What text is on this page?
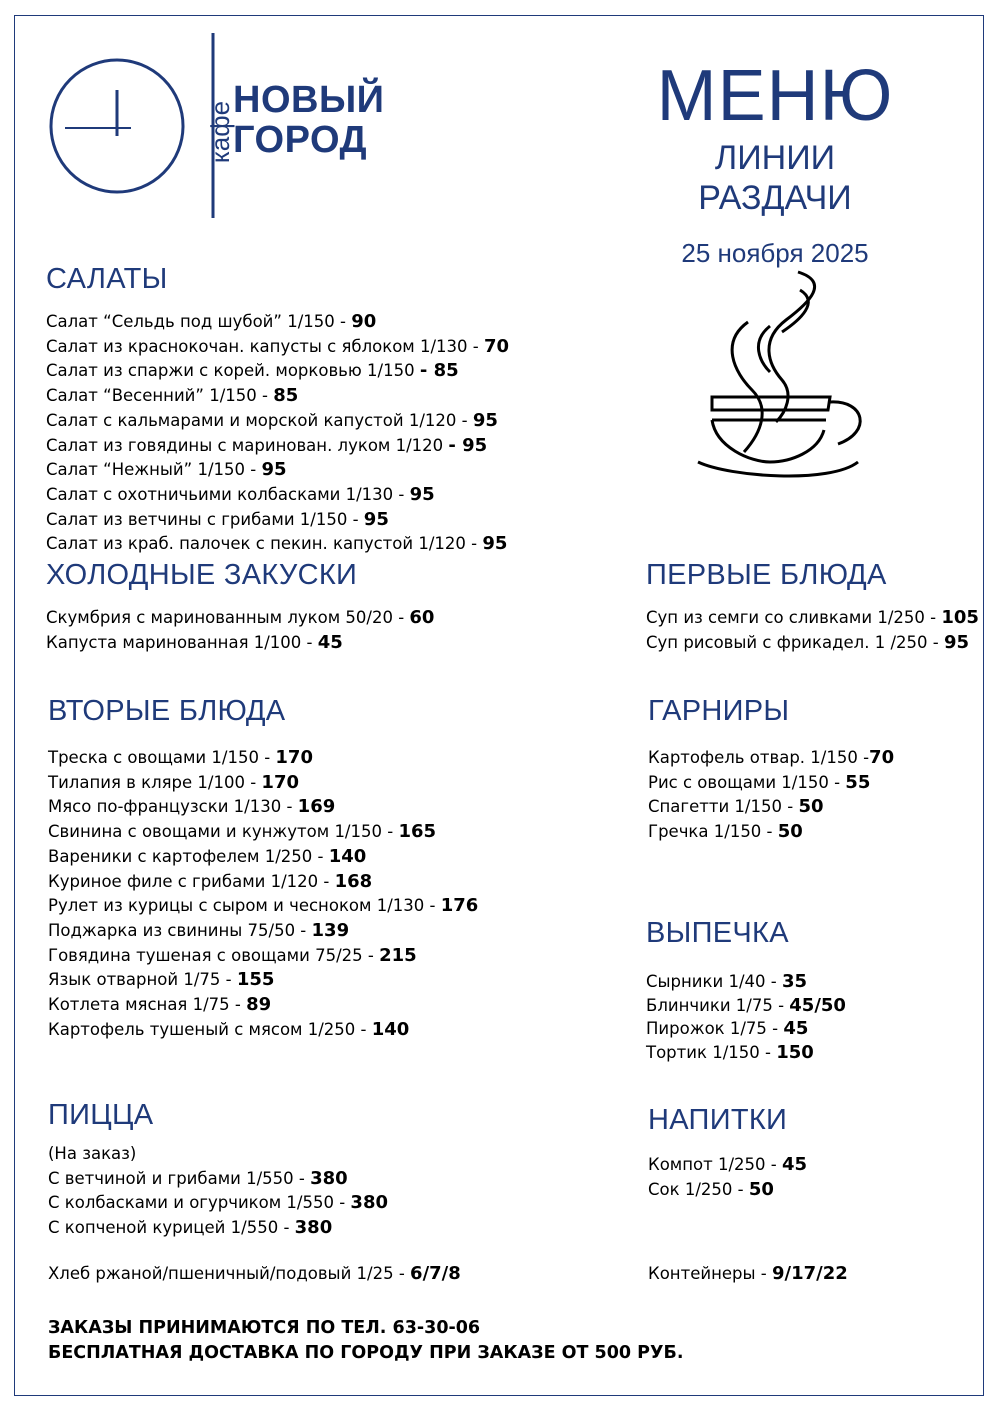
кафе
НОВЫЙ
ГОРОД
МЕНЮ
ЛИНИИ РАЗДАЧИ
25 ноября 2025
САЛАТЫ
Салат “Сельдь под шубой” 1/150 - 90
Салат из краснокочан. капусты с яблоком 1/130 - 70
Салат из спаржи с корей. морковью 1/150 - 85
Салат “Весенний” 1/150 - 85
Салат с кальмарами и морской капустой 1/120 - 95
Салат из говядины с маринован. луком 1/120 - 95
Салат “Нежный” 1/150 - 95
Салат с охотничьими колбасками 1/130 - 95
Салат из ветчины с грибами 1/150 - 95
Салат из краб. палочек с пекин. капустой 1/120 - 95
ХОЛОДНЫЕ ЗАКУСКИ
Скумбрия с маринованным луком 50/20 - 60
Капуста маринованная 1/100 - 45
ПЕРВЫЕ БЛЮДА
Суп из семги со сливками 1/250 - 105
Суп рисовый с фрикадел. 1 /250 - 95
ВТОРЫЕ БЛЮДА
Треска с овощами 1/150 - 170
Тилапия в кляре 1/100 - 170
Мясо по-французски 1/130 - 169
Свинина с овощами и кунжутом 1/150 - 165
Вареники с картофелем 1/250 - 140
Куриное филе с грибами 1/120 - 168
Рулет из курицы с сыром и чесноком 1/130 - 176
Поджарка из свинины 75/50 - 139
Говядина тушеная с овощами 75/25 - 215
Язык отварной 1/75 - 155
Котлета мясная 1/75 - 89
Картофель тушеный с мясом 1/250 - 140
ГАРНИРЫ
Картофель отвар. 1/150 -70
Рис с овощами 1/150 - 55
Спагетти 1/150 - 50
Гречка 1/150 - 50
ВЫПЕЧКА
Сырники 1/40 - 35
Блинчики 1/75 - 45/50
Пирожок 1/75 - 45
Тортик 1/150 - 150
ПИЦЦА
(На заказ)
С ветчиной и грибами 1/550 - 380
С колбасками и огурчиком 1/550 - 380
С копченой курицей 1/550 - 380
НАПИТКИ
Компот 1/250 - 45
Сок 1/250 - 50
Хлеб ржаной/пшеничный/подовый 1/25 - 6/7/8	Контейнеры - 9/17/22
ЗАКАЗЫ ПРИНИМАЮТСЯ ПО ТЕЛ. 63-30-06
БЕСПЛАТНАЯ ДОСТАВКА ПО ГОРОДУ ПРИ ЗАКАЗЕ ОТ 500 РУБ.
